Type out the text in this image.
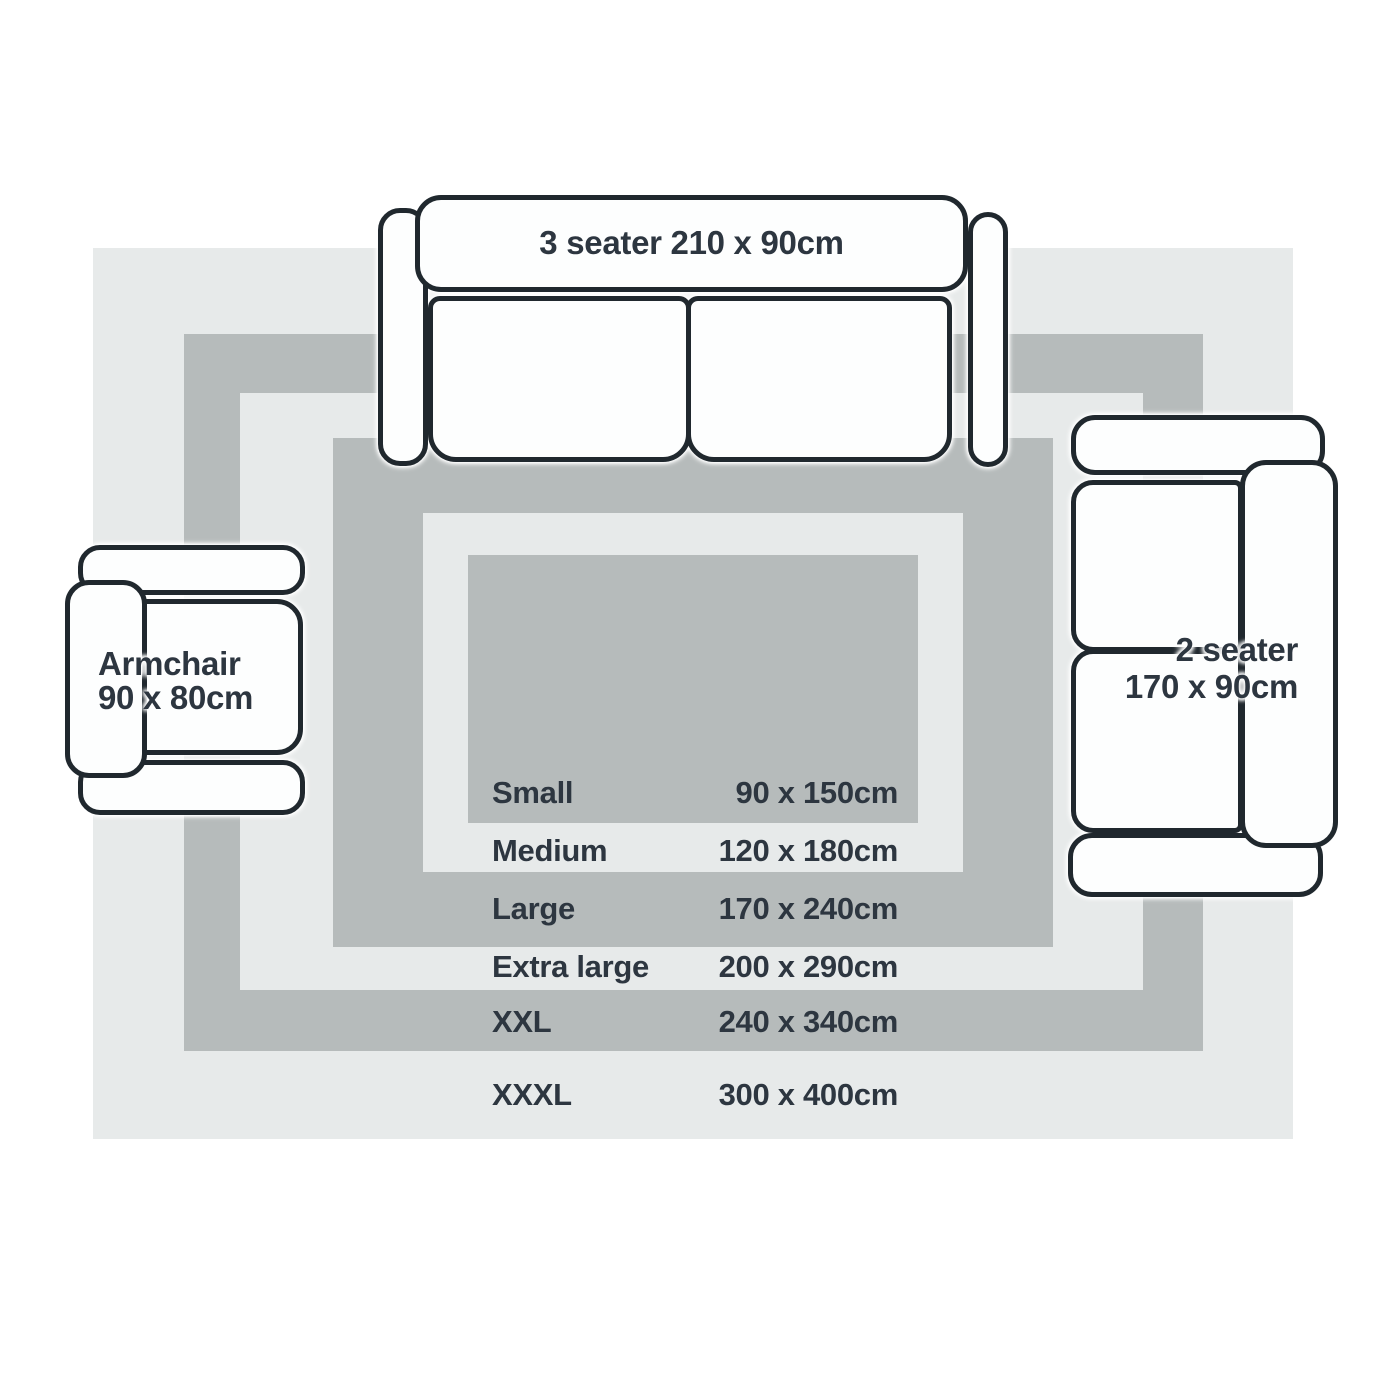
Small	90 x 150cm
Medium	120 x 180cm
Large	170 x 240cm
Extra large 200 x 290cm
XXL	240 x 340cm
XXXL	300 x 400cm
3 seater 210 x 90cm
Armchair
90 x 80cm
2 seater
170 x 90cm
